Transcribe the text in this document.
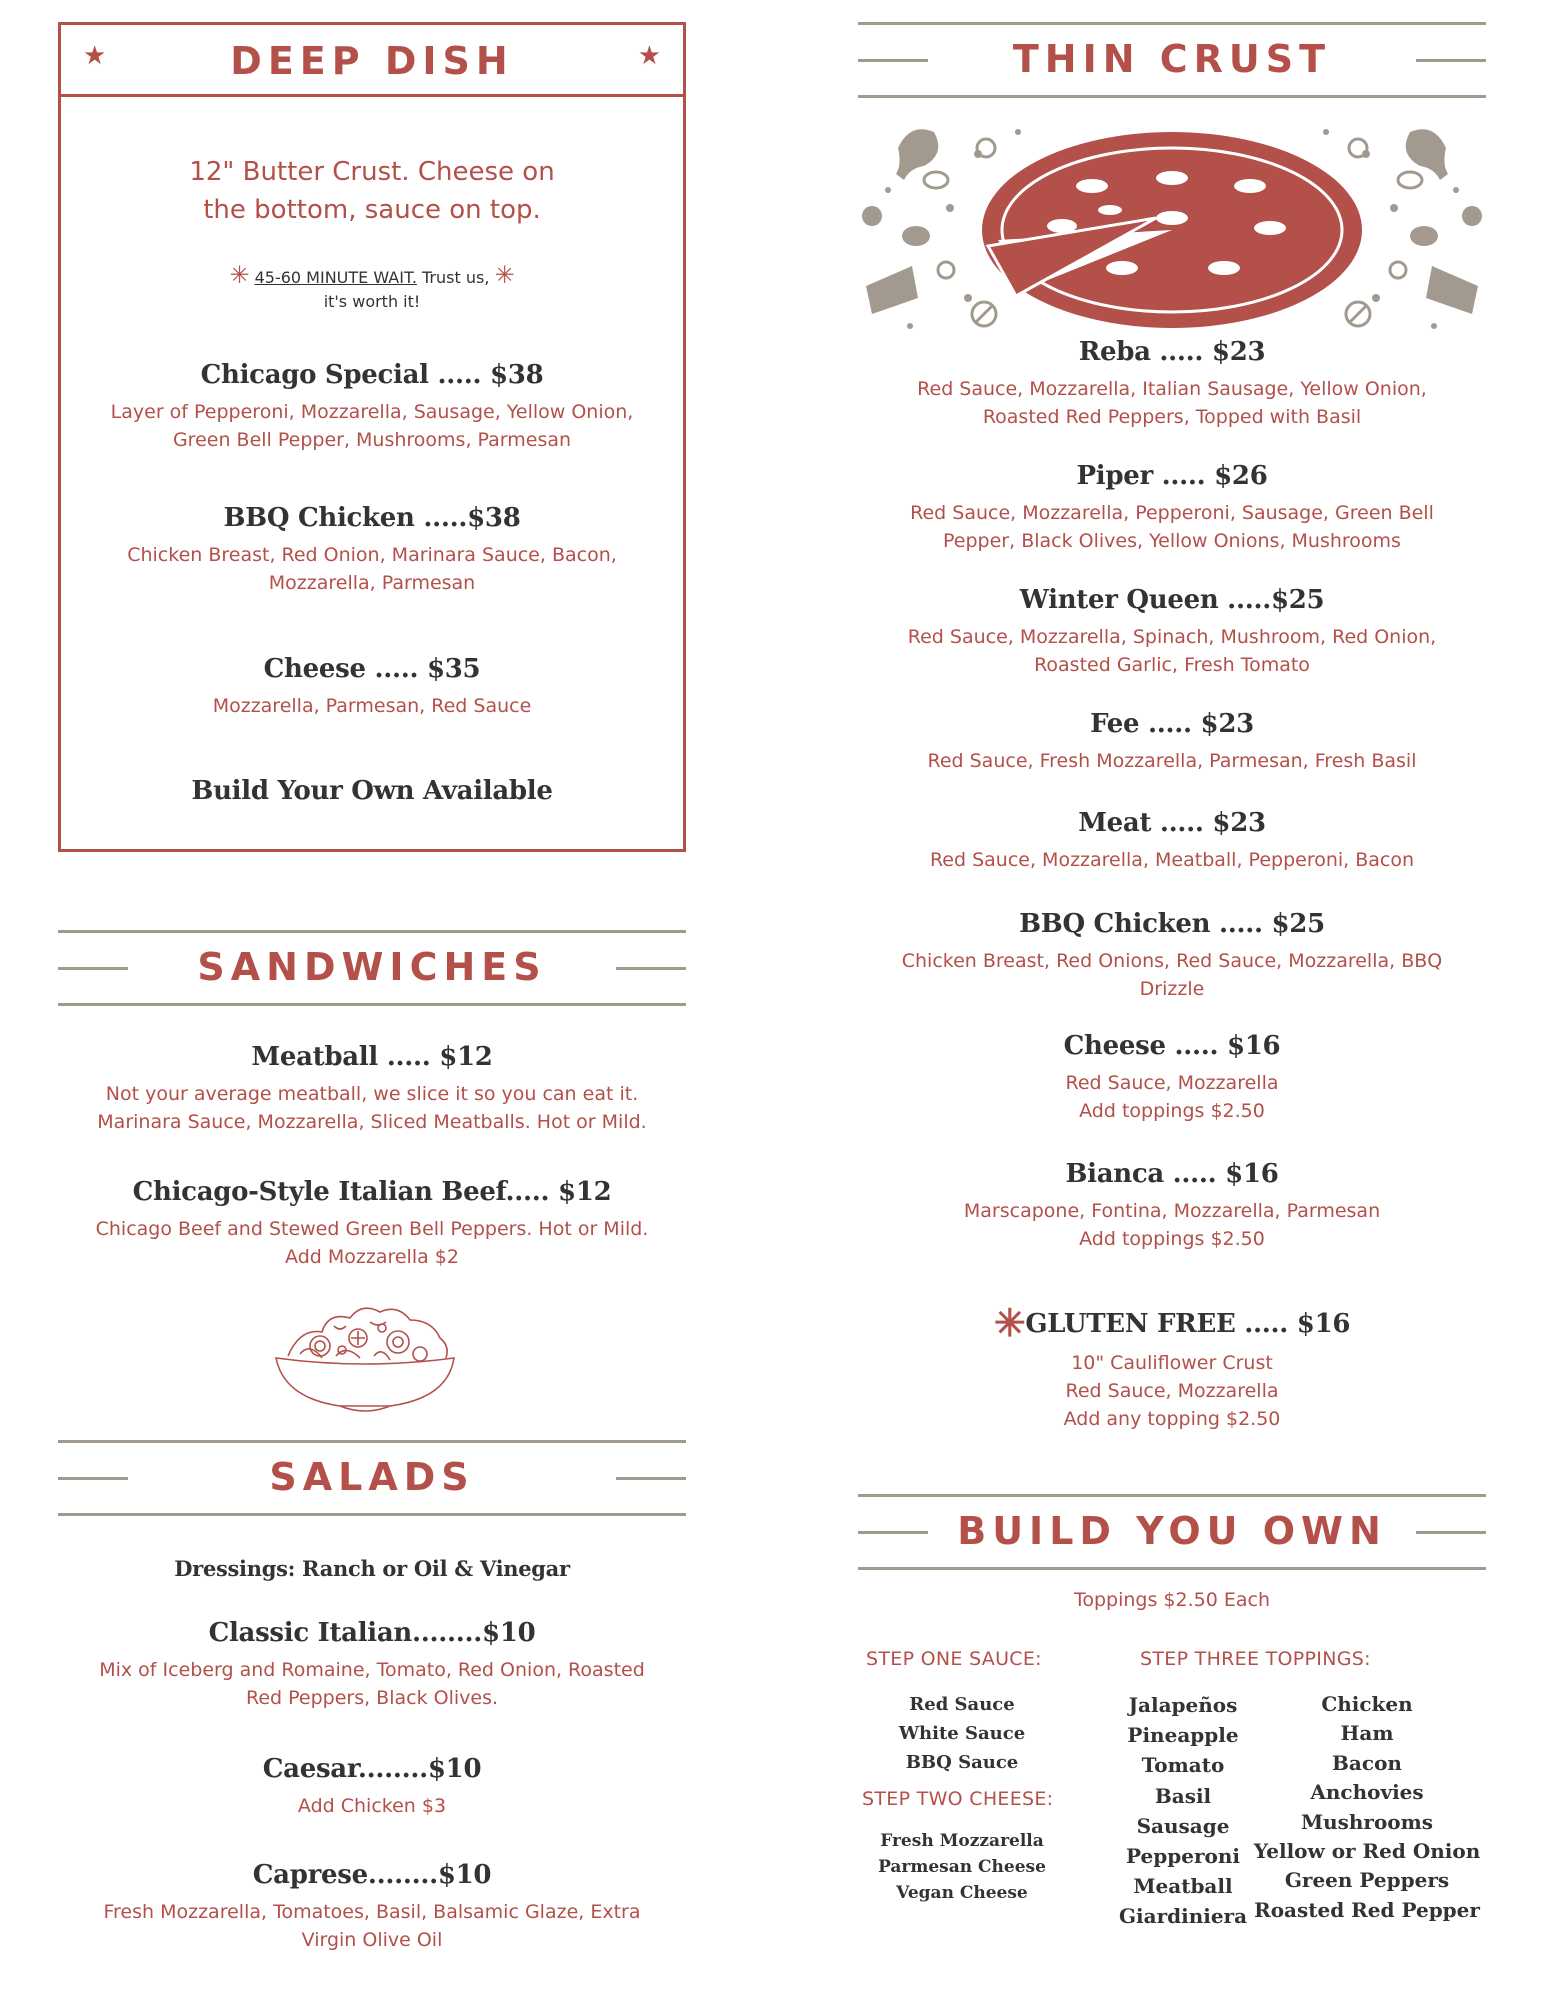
★	DEEP DISH	★
12" Butter Crust. Cheese on
the bottom, sauce on top.
✳ 45-60 MINUTE WAIT. Trust us, ✳
it's worth it!
Chicago Special ..... $38
Layer of Pepperoni, Mozzarella, Sausage, Yellow Onion,
Green Bell Pepper, Mushrooms, Parmesan
BBQ Chicken .....$38
Chicken Breast, Red Onion, Marinara Sauce, Bacon,
Mozzarella, Parmesan
Cheese ..... $35
Mozzarella, Parmesan, Red Sauce
Build Your Own Available
SANDWICHES
Meatball ..... $12
Not your average meatball, we slice it so you can eat it.
Marinara Sauce, Mozzarella, Sliced Meatballs. Hot or Mild.
Chicago-Style Italian Beef..... $12
Chicago Beef and Stewed Green Bell Peppers. Hot or Mild.
Add Mozzarella $2
SALADS
Dressings: Ranch or Oil & Vinegar
Classic Italian........$10
Mix of Iceberg and Romaine, Tomato, Red Onion, Roasted
Red Peppers, Black Olives.
Caesar........$10
Add Chicken $3
Caprese........$10
Fresh Mozzarella, Tomatoes, Basil, Balsamic Glaze, Extra
Virgin Olive Oil
THIN CRUST
Reba ..... $23
Red Sauce, Mozzarella, Italian Sausage, Yellow Onion,
Roasted Red Peppers, Topped with Basil
Piper ..... $26
Red Sauce, Mozzarella, Pepperoni, Sausage, Green Bell
Pepper, Black Olives, Yellow Onions, Mushrooms
Winter Queen .....$25
Red Sauce, Mozzarella, Spinach, Mushroom, Red Onion,
Roasted Garlic, Fresh Tomato
Fee ..... $23
Red Sauce, Fresh Mozzarella, Parmesan, Fresh Basil
Meat ..... $23
Red Sauce, Mozzarella, Meatball, Pepperoni, Bacon
BBQ Chicken ..... $25
Chicken Breast, Red Onions, Red Sauce, Mozzarella, BBQ
Drizzle
Cheese ..... $16
Red Sauce, Mozzarella
Add toppings $2.50
Bianca ..... $16
Marscapone, Fontina, Mozzarella, Parmesan
Add toppings $2.50
✳GLUTEN FREE ..... $16
10" Cauliflower Crust
Red Sauce, Mozzarella
Add any topping $2.50
BUILD YOU OWN
Toppings $2.50 Each
STEP ONE SAUCE:
Red Sauce
White Sauce
BBQ Sauce
STEP TWO CHEESE:
Fresh Mozzarella
Parmesan Cheese
Vegan Cheese
STEP THREE TOPPINGS:
Jalapeños
Pineapple
Tomato
Basil
Sausage
Pepperoni
Meatball
Giardiniera
Chicken
Ham
Bacon
Anchovies
Mushrooms
Yellow or Red Onion
Green Peppers
Roasted Red Pepper
